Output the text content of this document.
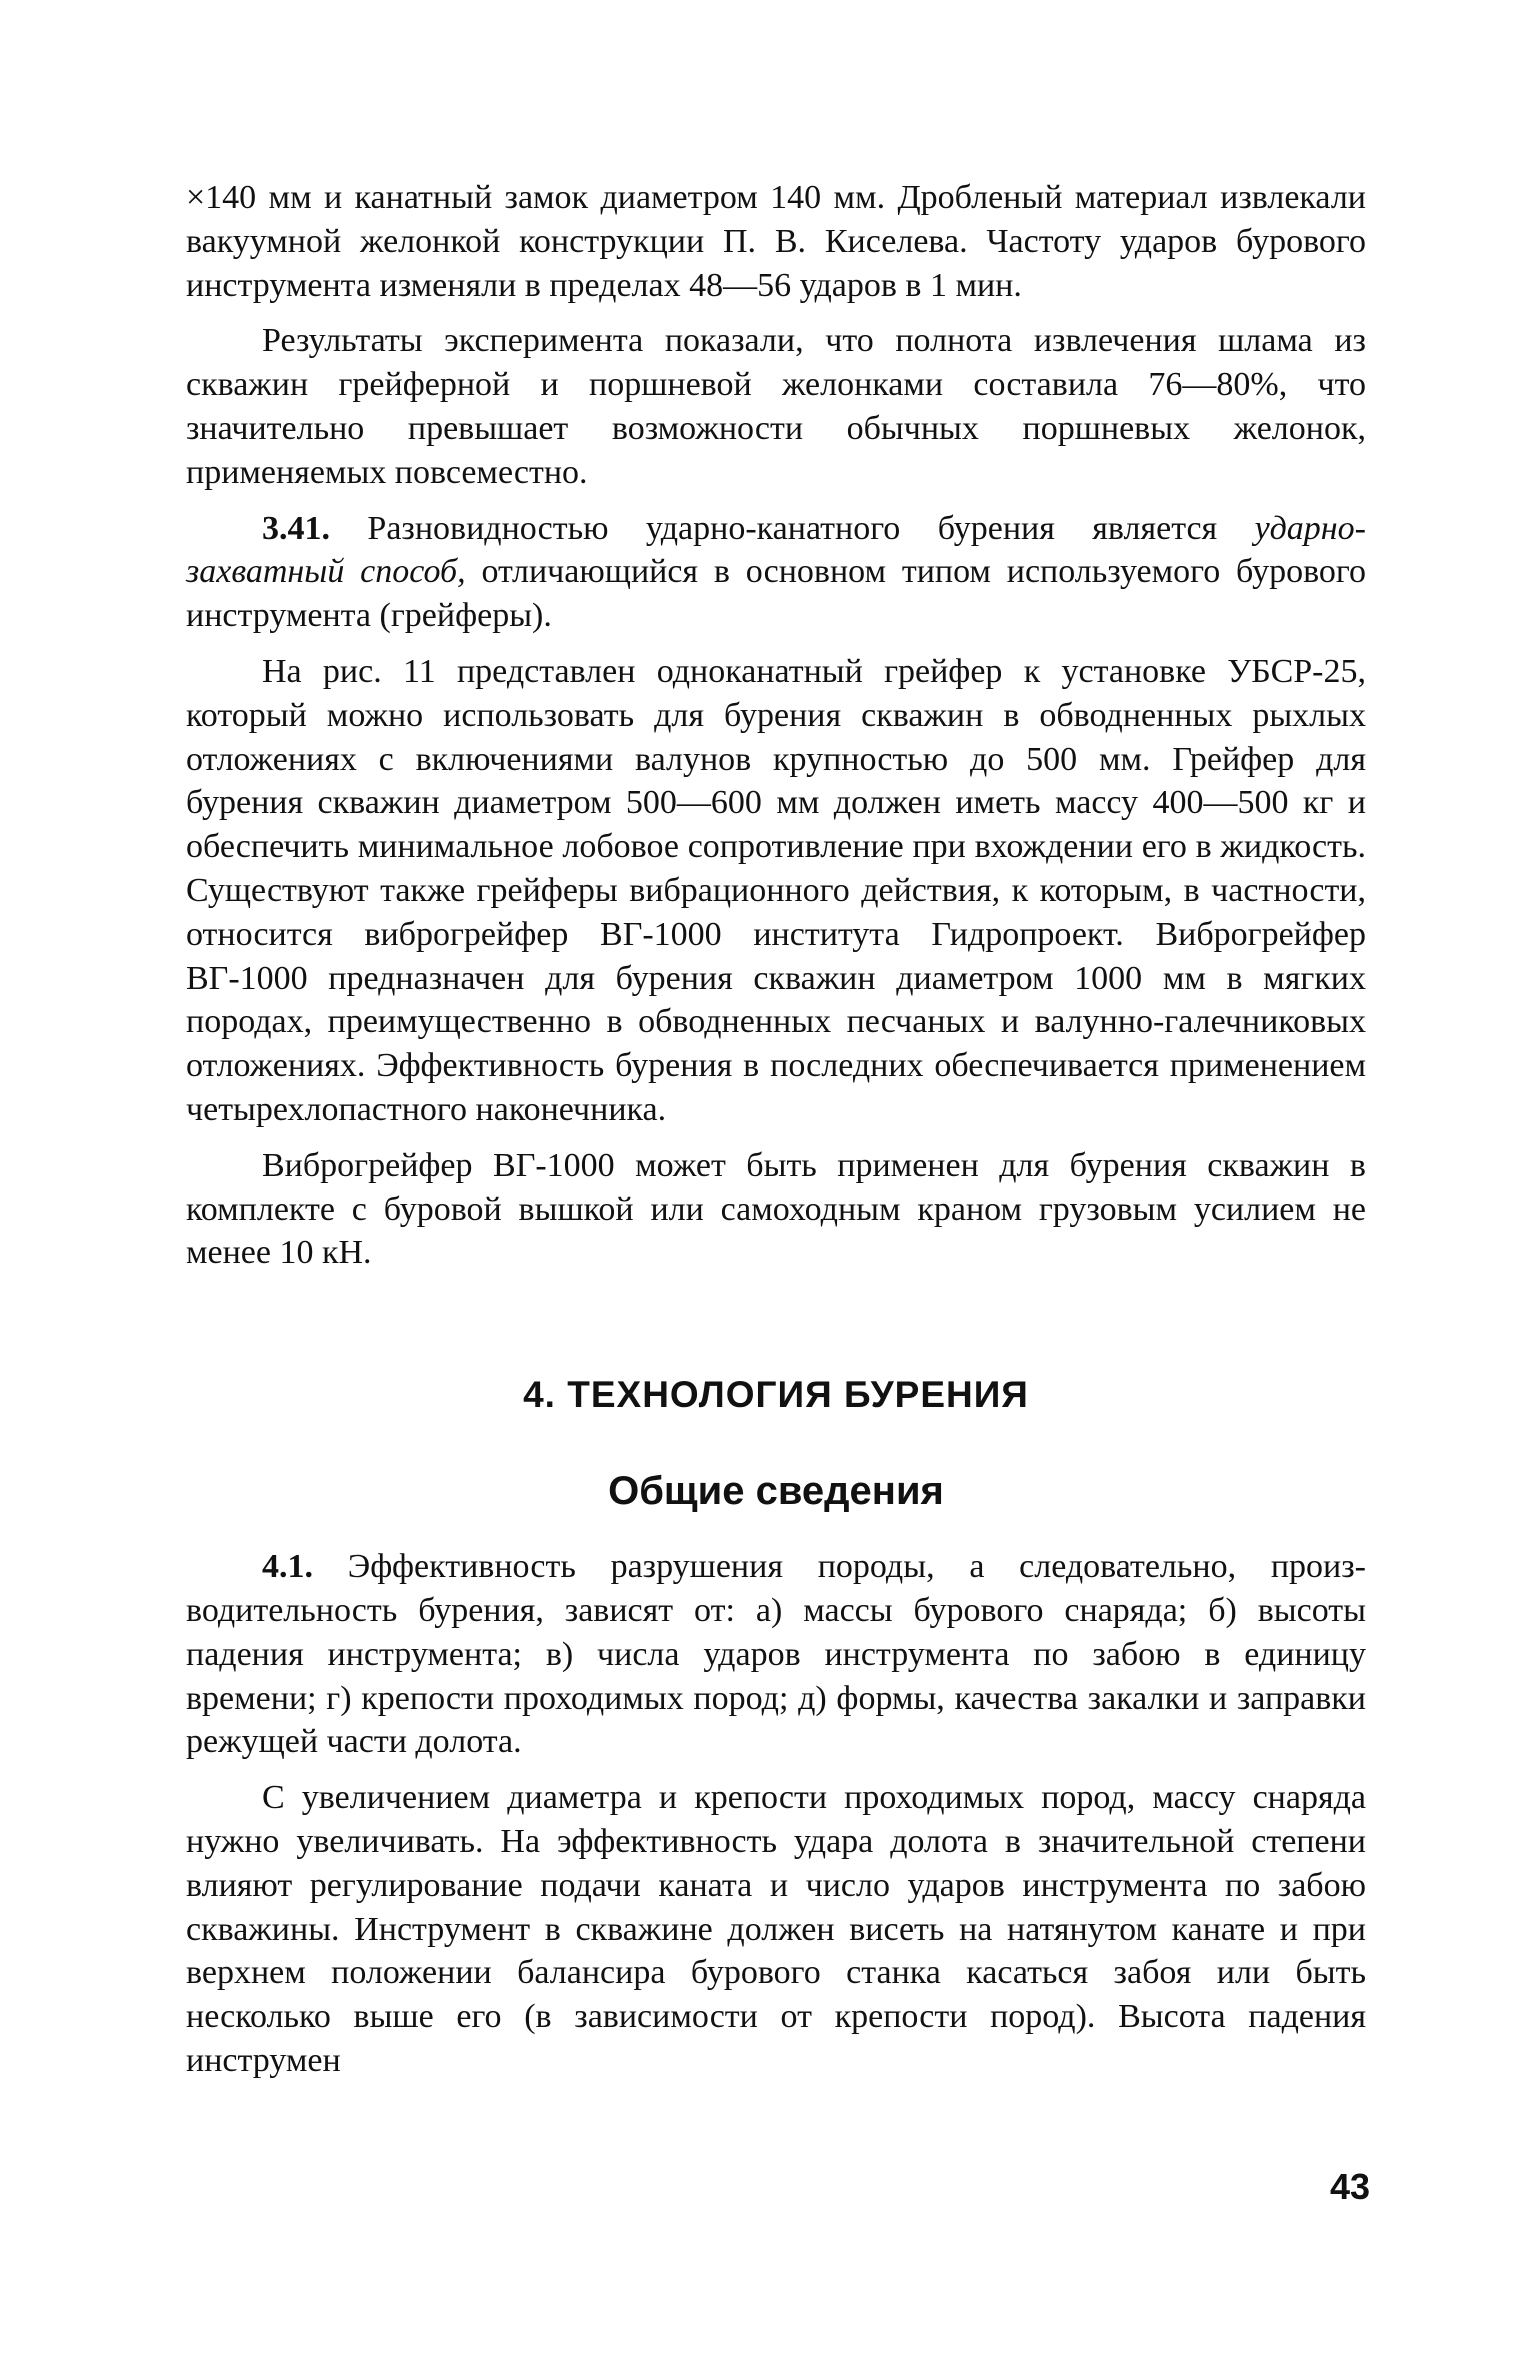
×140 мм и канатный замок диаметром 140 мм. Дробленый материал извлекали вакуумной желонкой конструкции П. В. Киселева. Частоту ударов бурового инструмента изменяли в пределах 48—56 ударов в 1 мин.

Результаты эксперимента показали, что полнота извлечения шлама из скважин грейферной и поршневой желонками составила 76—80%, что значительно превышает возможности обычных поршневых желонок, применяемых повсеместно.

3.41. Разновидностью ударно-канатного бурения является ударно-захватный способ, отличающийся в основном типом используемого бурового инструмента (грейферы).

На рис. 11 представлен одноканатный грейфер к установке УБСР-25, который можно использовать для бурения скважин в обводненных рыхлых отложениях с включениями валунов крупностью до 500 мм. Грейфер для бурения скважин диаметром 500—600 мм должен иметь массу 400—500 кг и обеспечить минимальное лобовое сопротивление при вхождении его в жидкость. Существуют также грейферы вибрационного действия, к которым, в частности, относится виброгрейфер ВГ-1000 института Гидропроект. Виброгрейфер ВГ-1000 предназначен для бурения скважин диаметром 1000 мм в мягких породах, преимущественно в обводненных песчаных и валунно-галечниковых отложениях. Эффективность бурения в последних обеспечивается применением четырехлопастного наконечника.

Виброгрейфер ВГ-1000 может быть применен для бурения скважин в комплекте с буровой вышкой или самоходным краном грузовым усилием не менее 10 кН.

4. ТЕХНОЛОГИЯ БУРЕНИЯ
Общие сведения

4.1. Эффективность разрушения породы, а следовательно, производительность бурения, зависят от: а) массы бурового снаряда; б) высоты падения инструмента; в) числа ударов инструмента по забою в единицу времени; г) крепости проходимых пород; д) формы, качества закалки и заправки режущей части долота.

С увеличением диаметра и крепости проходимых пород, массу снаряда нужно увеличивать. На эффективность удара долота в значительной степени влияют регулирование подачи каната и число ударов инструмента по забою скважины. Инструмент в скважине должен висеть на натянутом канате и при верхнем положении балансира бурового станка касаться забоя или быть несколько выше его (в зависимости от крепости пород). Высота падения инструмен

43
